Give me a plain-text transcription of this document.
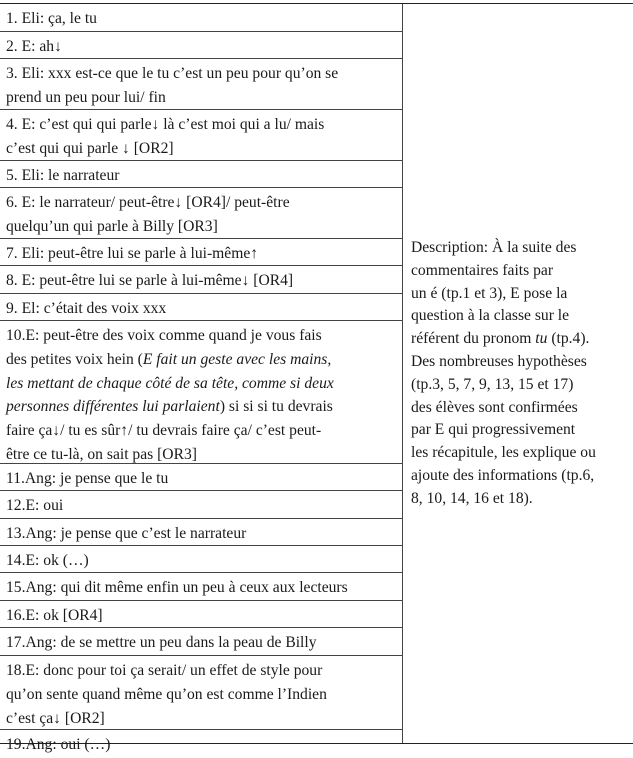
1. Eli: ça, le tu

2. E: ah↓

3. Eli: xxx est-ce que le tu c’est un peu pour qu’on se

prend un peu pour lui/ fin

4. E: c’est qui qui parle↓ là c’est moi qui a lu/ mais

c’est qui qui parle ↓ [OR2]

5. Eli: le narrateur

6. E: le narrateur/ peut-être↓ [OR4]/ peut-être

quelqu’un qui parle à Billy [OR3]

7. Eli: peut-être lui se parle à lui-même↑

8. E: peut-être lui se parle à lui-même↓ [OR4]

9. El: c’était des voix xxx

10.E: peut-être des voix comme quand je vous fais

des petites voix hein (E fait un geste avec les mains,

les mettant de chaque côté de sa tête, comme si deux

personnes différentes lui parlaient) si si si tu devrais

faire ça↓/ tu es sûr↑/ tu devrais faire ça/ c’est peut-

être ce tu-là, on sait pas [OR3]

11.Ang: je pense que le tu

12.E: oui

13.Ang: je pense que c’est le narrateur

14.E: ok (…)

15.Ang: qui dit même enfin un peu à ceux aux lecteurs

16.E: ok [OR4]

17.Ang: de se mettre un peu dans la peau de Billy

18.E: donc pour toi ça serait/ un effet de style pour

qu’on sente quand même qu’on est comme l’Indien

c’est ça↓ [OR2]

19.Ang: oui (…)

Description: À la suite des

commentaires faits par

un é (tp.1 et 3), E pose la

question à la classe sur le

référent du pronom tu (tp.4).

Des nombreuses hypothèses

(tp.3, 5, 7, 9, 13, 15 et 17)

des élèves sont confirmées

par E qui progressivement

les récapitule, les explique ou

ajoute des informations (tp.6,

8, 10, 14, 16 et 18).
